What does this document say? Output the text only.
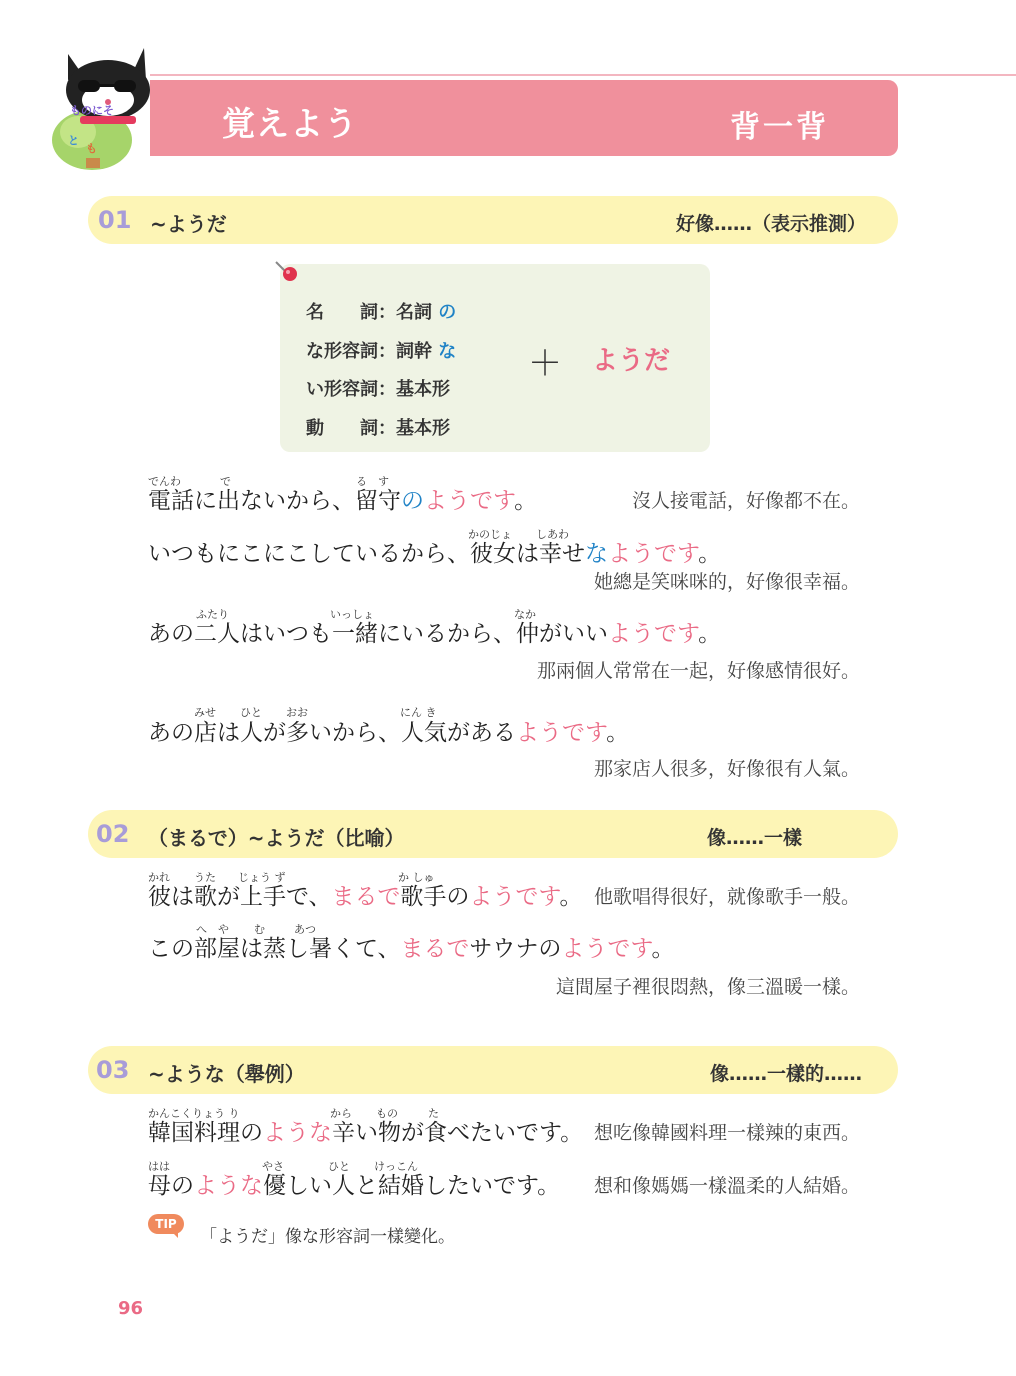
覚えよう	背一背
ものにそ
と
も
01 ~ようだ	好像……（表示推測）
名　　詞：名詞 の
な形容詞：詞幹 な
い形容詞：基本形
動　　詞：基本形
＋ ようだ
でんわ	で	る　す
電話に出ないから、留守のようです。	沒人接電話，好像都不在。
かのじょ しあわ
いつもにこにこしているから、彼女は幸せなようです。
她總是笑咪咪的，好像很幸福。
ふたり	いっしょ	なか
あの二人はいつも一緒にいるから、仲がいいようです。
那兩個人常常在一起，好像感情很好。
みせ ひと おお	にん き
あの店は人が多いから、人気があるようです。
那家店人很多，好像很有人氣。
02 （まるで）~ようだ（比喻）	像……一樣
かれ うた じょう ず	か しゅ
彼は歌が上手で、まるで歌手のようです。 他歌唱得很好，就像歌手一般。
へ　や む	あつ
この部屋は蒸し暑くて、まるでサウナのようです。
這間屋子裡很悶熱，像三溫暖一樣。
03 ~ような（舉例）	像……一樣的……
かんこくりょう り	から もの	た
韓国料理のような辛い物が食べたいです。 想吃像韓國料理一樣辣的東西。
はは	やさ	ひと けっこん
母のような優しい人と結婚したいです。	想和像媽媽一樣溫柔的人結婚。
TIP
「ようだ」像な形容詞一樣變化。
96
